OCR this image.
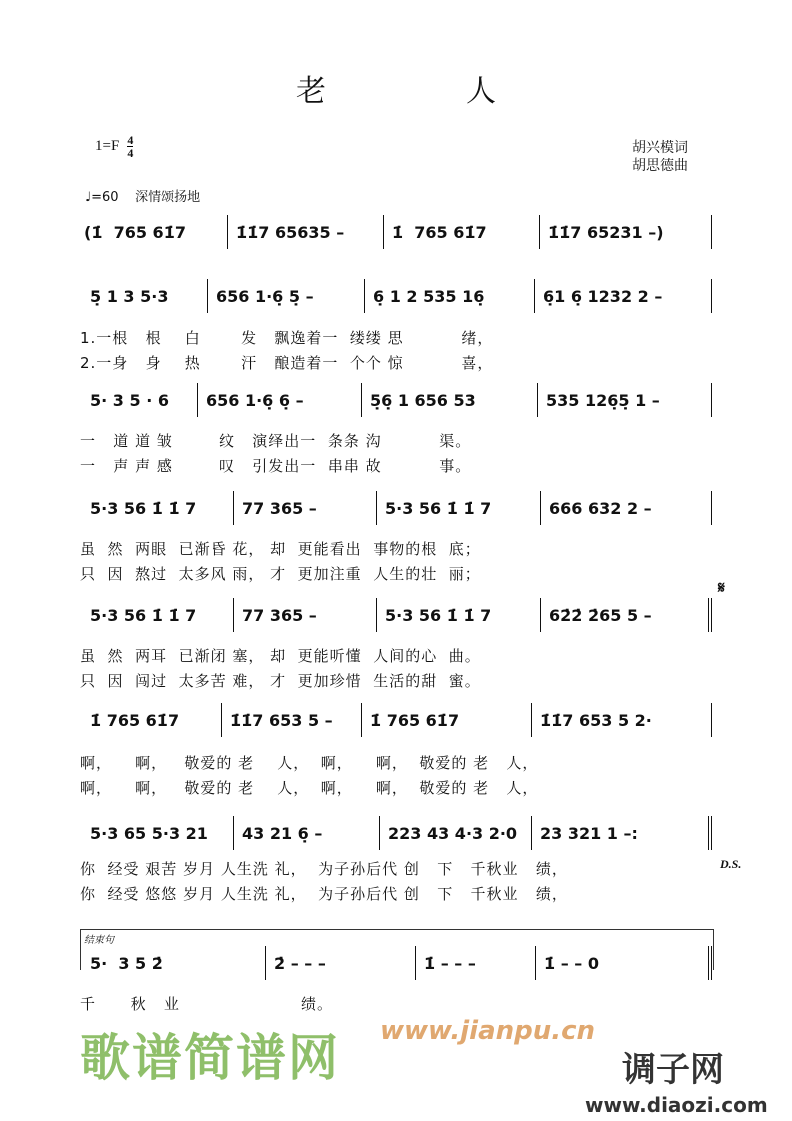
老人
$1=F \frac{4}{4}$	胡兴模词
胡思德曲
♩=60 深情颂扬地
(1̇  765 61̇7	1̇1̇7 65635 –	1̇  765 61̇7	1̇1̇7 65231 –)
5̣ 1 3 5·3	656 1·6̣ 5̣ –	6̣ 1 2 535 16̣	6̣1 6̣ 1232 2 –
1.一根   根    白       发   飘逸着一  缕缕 思          绪，
2.一身   身    热       汗   酿造着一  个个 惊          喜，
5· 3 5 · 6	656 1·6̣ 6̣ –	5̣6̣ 1 656 53	535 126̣5̣ 1 –
一   道 道 皱        纹   演绎出一  条条 沟          渠。
一   声 声 感        叹   引发出一  串串 故          事。
5·3 56 1̇ 1̇ 7	77 365 –	5·3 56 1̇ 1̇ 7	666 632 2 –
虽  然  两眼  已渐昏 花， 却  更能看出  事物的根  底；
只  因  熬过  太多风 雨， 才  更加注重  人生的壮  丽；
5·3 56 1̇ 1̇ 7	77 365 –	5·3 56 1̇ 1̇ 7	62̇2̇ 2̇65 5 –
虽  然  两耳  已渐闭 塞， 却  更能听懂  人间的心  曲。
只  因  闯过  太多苦 难， 才  更加珍惜  生活的甜  蜜。
1̇ 765 61̇7	1̇1̇7 653 5 –	1̇ 765 61̇7	1̇1̇7 653 5 2·
啊，    啊，   敬爱的 老    人，  啊，    啊，  敬爱的 老   人，
啊，    啊，   敬爱的 老    人，  啊，    啊，  敬爱的 老   人，
5·3 65 5·3 21	43 21 6̣ –	223 43 4·3 2·0	23 321 1 –:
你  经受 艰苦 岁月 人生洗 礼，  为子孙后代 创   下   千秋业   绩，
你  经受 悠悠 岁月 人生洗 礼，  为子孙后代 创   下   千秋业   绩，
5·  3 5 2̇	2̇ – – –	1̇ – – –	1̇ – – 0
千      秋   业                     绩。
结束句
𝄋
D.S.
歌谱简谱网 www.jianpu.cn
调子网
www.diaozi.com
